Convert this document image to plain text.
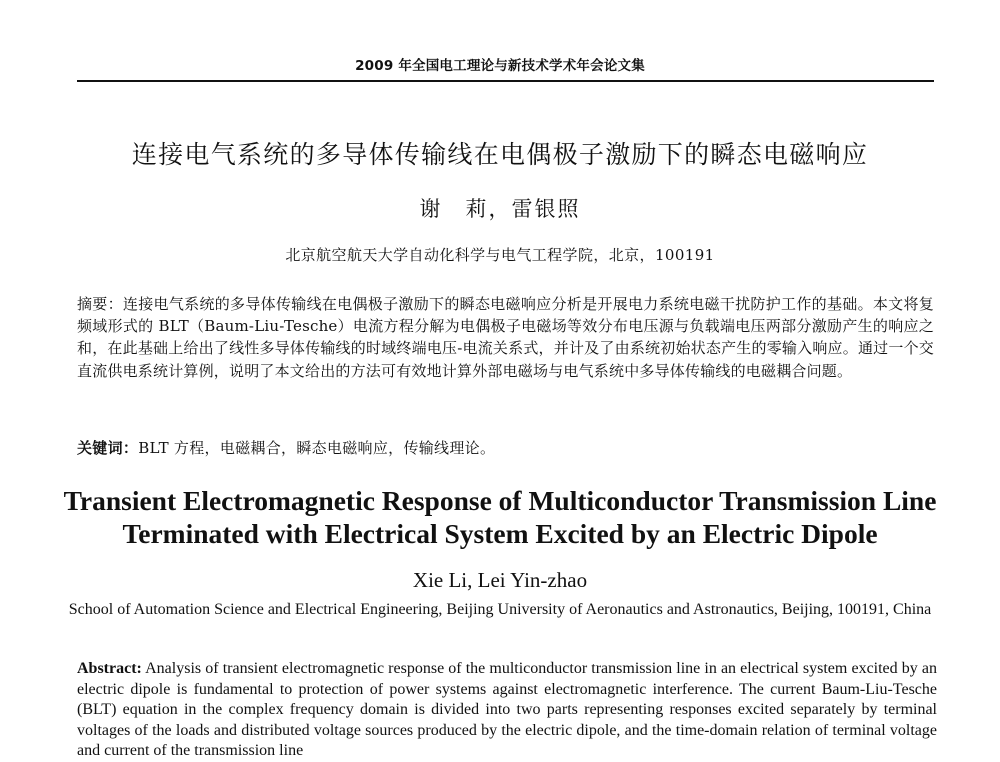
2009 年全国电工理论与新技术学术年会论文集
连接电气系统的多导体传输线在电偶极子激励下的瞬态电磁响应
谢　莉，雷银照
北京航空航天大学自动化科学与电气工程学院，北京，100191
摘要：连接电气系统的多导体传输线在电偶极子激励下的瞬态电磁响应分析是开展电力系统电磁干扰防护工作的基础。本文将复频域形式的 BLT（Baum-Liu-Tesche）电流方程分解为电偶极子电磁场等效分布电压源与负载端电压两部分激励产生的响应之和，在此基础上给出了线性多导体传输线的时域终端电压-电流关系式，并计及了由系统初始状态产生的零输入响应。通过一个交直流供电系统计算例，说明了本文给出的方法可有效地计算外部电磁场与电气系统中多导体传输线的电磁耦合问题。
关键词：BLT 方程，电磁耦合，瞬态电磁响应，传输线理论。
Transient Electromagnetic Response of Multiconductor Transmission Line Terminated with Electrical System Excited by an Electric Dipole
Xie Li, Lei Yin-zhao
School of Automation Science and Electrical Engineering, Beijing University of Aeronautics and Astronautics, Beijing, 100191, China
Abstract: Analysis of transient electromagnetic response of the multiconductor transmission line in an electrical system excited by an electric dipole is fundamental to protection of power systems against electromagnetic interference. The current Baum-Liu-Tesche (BLT) equation in the complex frequency domain is divided into two parts representing responses excited separately by terminal voltages of the loads and distributed voltage sources produced by the electric dipole, and the time-domain relation of terminal voltage and current of the transmission line
